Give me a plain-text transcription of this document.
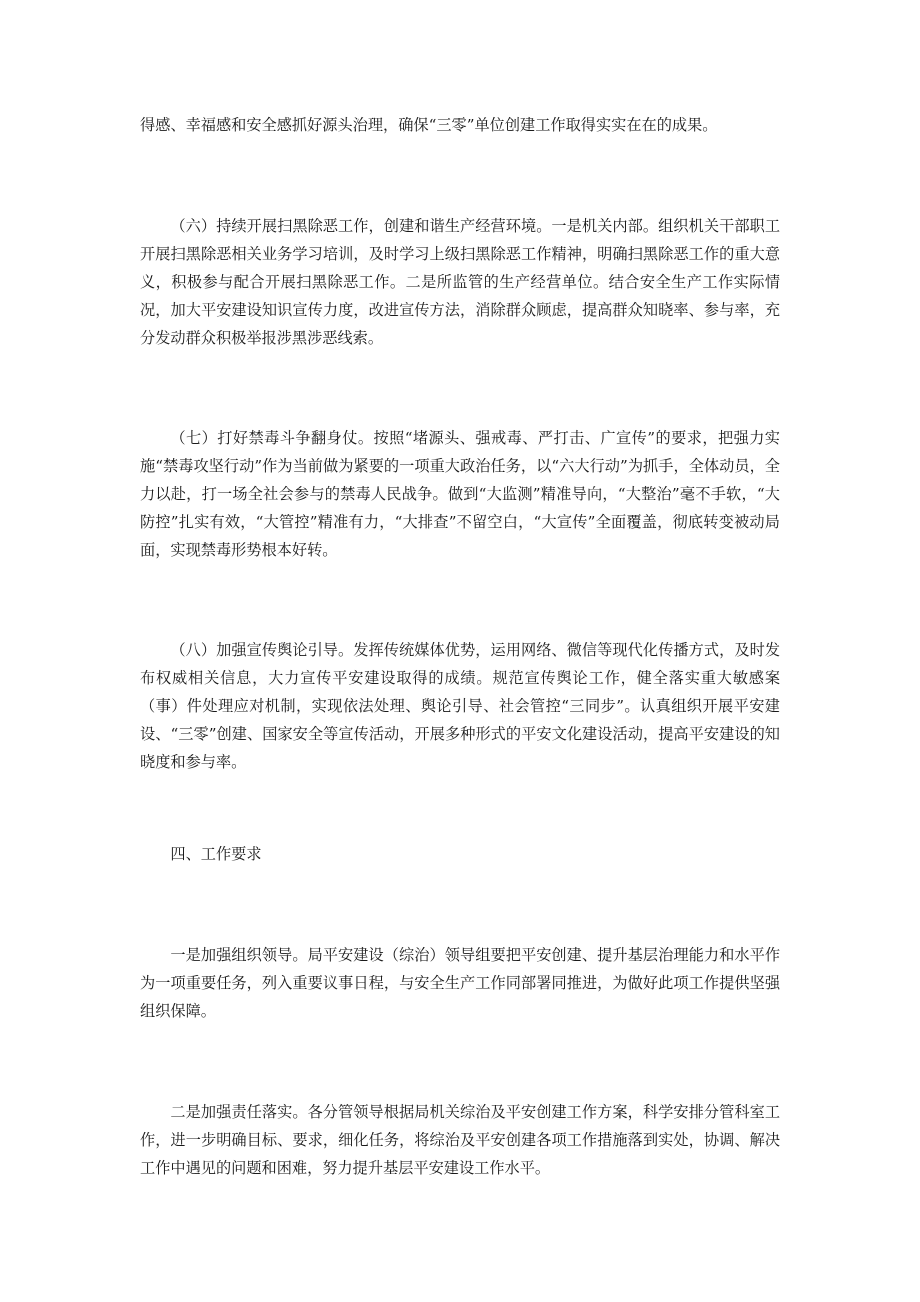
得感、幸福感和安全感抓好源头治理，确保“三零”单位创建工作取得实实在在的成果。

（六）持续开展扫黑除恶工作，创建和谐生产经营环境。一是机关内部。组织机关干部职工开展扫黑除恶相关业务学习培训，及时学习上级扫黑除恶工作精神，明确扫黑除恶工作的重大意义，积极参与配合开展扫黑除恶工作。二是所监管的生产经营单位。结合安全生产工作实际情况，加大平安建设知识宣传力度，改进宣传方法，消除群众顾虑，提高群众知晓率、参与率，充分发动群众积极举报涉黑涉恶线索。

（七）打好禁毒斗争翻身仗。按照“堵源头、强戒毒、严打击、广宣传”的要求，把强力实施“禁毒攻坚行动”作为当前做为紧要的一项重大政治任务，以“六大行动”为抓手，全体动员，全力以赴，打一场全社会参与的禁毒人民战争。做到“大监测”精准导向，“大整治”毫不手软，“大防控”扎实有效，“大管控”精准有力，“大排查”不留空白，“大宣传”全面覆盖，彻底转变被动局面，实现禁毒形势根本好转。

（八）加强宣传舆论引导。发挥传统媒体优势，运用网络、微信等现代化传播方式，及时发布权威相关信息，大力宣传平安建设取得的成绩。规范宣传舆论工作，健全落实重大敏感案（事）件处理应对机制，实现依法处理、舆论引导、社会管控“三同步”。认真组织开展平安建设、“三零”创建、国家安全等宣传活动，开展多种形式的平安文化建设活动，提高平安建设的知晓度和参与率。

四、工作要求

一是加强组织领导。局平安建设（综治）领导组要把平安创建、提升基层治理能力和水平作为一项重要任务，列入重要议事日程，与安全生产工作同部署同推进，为做好此项工作提供坚强组织保障。

二是加强责任落实。各分管领导根据局机关综治及平安创建工作方案，科学安排分管科室工作，进一步明确目标、要求，细化任务，将综治及平安创建各项工作措施落到实处，协调、解决工作中遇见的问题和困难，努力提升基层平安建设工作水平。
